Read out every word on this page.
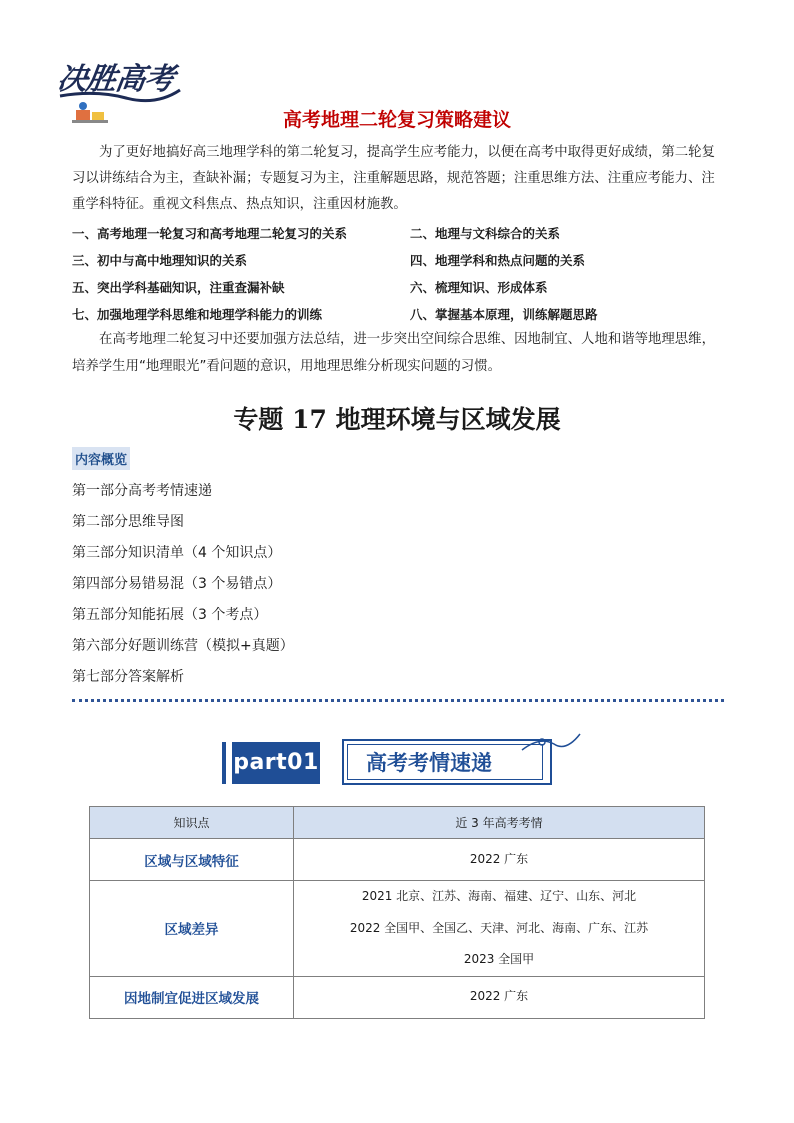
决胜高考
高考地理二轮复习策略建议

为了更好地搞好高三地理学科的第二轮复习，提高学生应考能力，以便在高考中取得更好成绩，第二轮复习以讲练结合为主，查缺补漏；专题复习为主，注重解题思路，规范答题；注重思维方法、注重应考能力、注重学科特征。重视文科焦点、热点知识，注重因材施教。

一、高考地理一轮复习和高考地理二轮复习的关系	二、地理与文科综合的关系
三、初中与高中地理知识的关系	四、地理学科和热点问题的关系
五、突出学科基础知识，注重查漏补缺	六、梳理知识、形成体系
七、加强地理学科思维和地理学科能力的训练	八、掌握基本原理，训练解题思路

在高考地理二轮复习中还要加强方法总结，进一步突出空间综合思维、因地制宜、人地和谐等地理思维，培养学生用“地理眼光”看问题的意识，用地理思维分析现实问题的习惯。

专题 17 地理环境与区域发展
内容概览
第一部分高考考情速递
第二部分思维导图
第三部分知识清单（4 个知识点）
第四部分易错易混（3 个易错点）
第五部分知能拓展（3 个考点）
第六部分好题训练营（模拟+真题）
第七部分答案解析
part01 高考考情速递
知识点	近 3 年高考考情
区域与区域特征	2022 广东

区域差异	2021 北京、江苏、海南、福建、辽宁、山东、河北
2022 全国甲、全国乙、天津、河北、海南、广东、江苏
2023 全国甲

因地制宜促进区域发展	2022 广东
